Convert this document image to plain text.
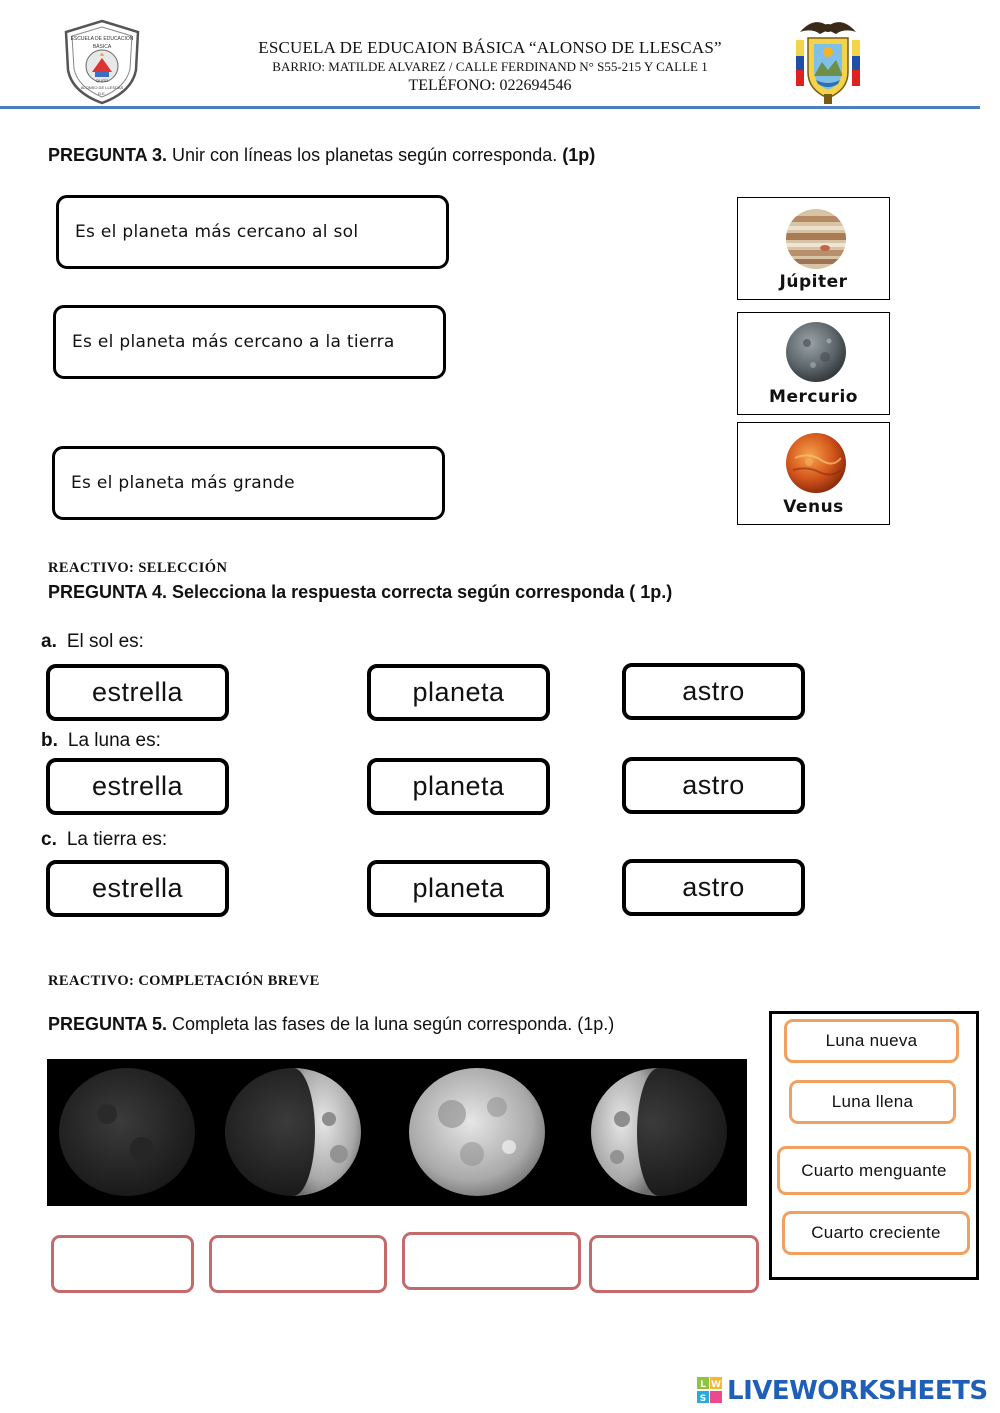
ESCUELA DE EDUCACION
BÁSICA
QUITO
ALONSO DE LLESCAS
D.E.
ESCUELA DE EDUCAION BÁSICA “ALONSO DE LLESCAS”
BARRIO: MATILDE ALVAREZ / CALLE FERDINAND N° S55-215 Y CALLE 1
TELÉFONO: 022694546
PREGUNTA 3. Unir con líneas los planetas según corresponda. (1p)
Es el planeta más cercano al sol
Es el planeta más cercano a la tierra
Es el planeta más grande
Júpiter
Mercurio
Venus
REACTIVO: SELECCIÓN
PREGUNTA 4. Selecciona la respuesta correcta según corresponda ( 1p.)
a. El sol es:
estrella	planeta	astro
b. La luna es:
estrella	planeta	astro
c. La tierra es:
estrella	planeta	astro
REACTIVO: COMPLETACIÓN BREVE
PREGUNTA 5. Completa las fases de la luna según corresponda. (1p.)
Luna nueva
Luna llena
Cuarto menguante
Cuarto creciente
L W
S LIVEWORKSHEETS
